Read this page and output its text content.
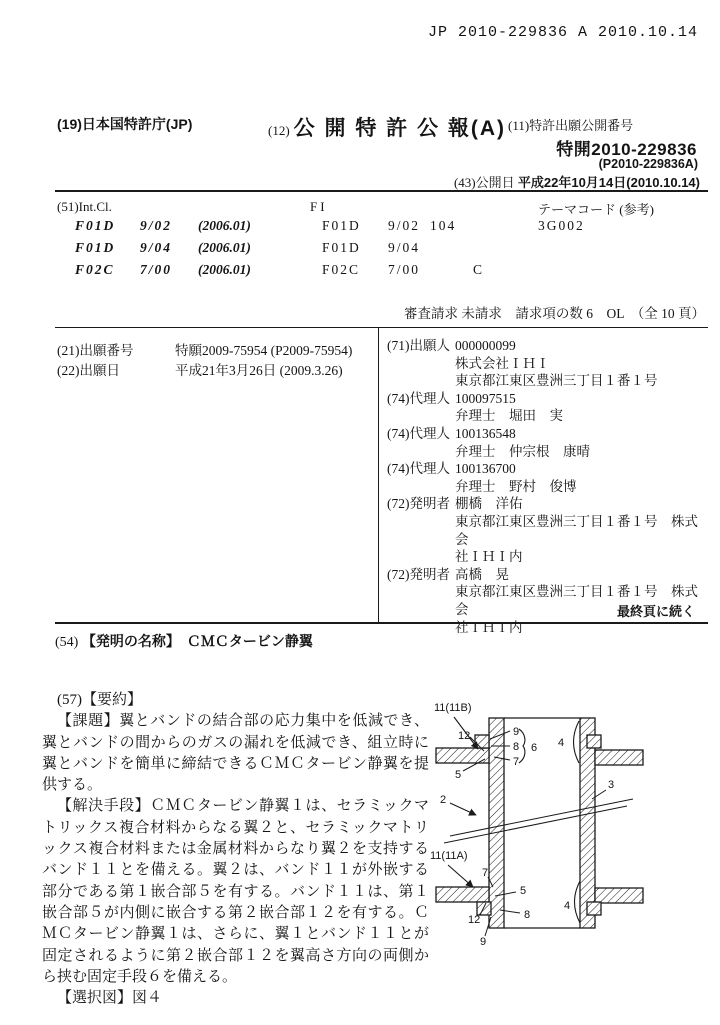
JP 2010-229836 A 2010.10.14
(19)日本国特許庁(JP)	(12) 公 開 特 許 公 報(A) (11)特許出願公開番号
特開2010-229836
(P2010-229836A)
(43)公開日 平成22年10月14日(2010.10.14)
(51)Int.Cl.	FI	テーマコード (参考)
F01D 9/02 (2006.01)	F01D 9/02 104	3G002
F01D 9/04 (2006.01)	F01D 9/04
F02C 7/00 (2006.01)	F02C 7/00	C
審査請求 未請求　請求項の数 6　OL　（全 10 頁）
(21)出願番号	特願2009-75954 (P2009-75954)
(22)出願日	平成21年3月26日 (2009.3.26)
(71)出願人 000000099
株式会社ＩＨＩ
東京都江東区豊洲三丁目１番１号
(74)代理人 100097515
弁理士　堀田　実
(74)代理人 100136548
弁理士　仲宗根　康晴
(74)代理人 100136700
弁理士　野村　俊博
(72)発明者 棚橋　洋佑
東京都江東区豊洲三丁目１番１号　株式会
社ＩＨＩ内
(72)発明者 高橋　晃
東京都江東区豊洲三丁目１番１号　株式会
社ＩＨＩ内
最終頁に続く
(54) 【発明の名称】 ＣＭＣタービン静翼

(57)【要約】

【課題】翼とバンドの結合部の応力集中を低減でき、翼とバンドの間からのガスの漏れを低減でき、組立時に翼とバンドを簡単に締結できるＣＭＣタービン静翼を提供する。

【解決手段】ＣＭＣタービン静翼１は、セラミックマトリックス複合材料からなる翼２と、セラミックマトリックス複合材料または金属材料からなり翼２を支持するバンド１１とを備える。翼２は、バンド１１が外嵌する部分である第１嵌合部５を有する。バンド１１は、第１嵌合部５が内側に嵌合する第２嵌合部１２を有する。ＣＭＣタービン静翼１は、さらに、翼１とバンド１１とが固定されるように第２嵌合部１２を翼高さ方向の両側から挟む固定手段６を備える。

【選択図】図４

11(11B)
12	9
8
7
6
5
4
2
3
11(11A)
7
5
12	8
9
4
